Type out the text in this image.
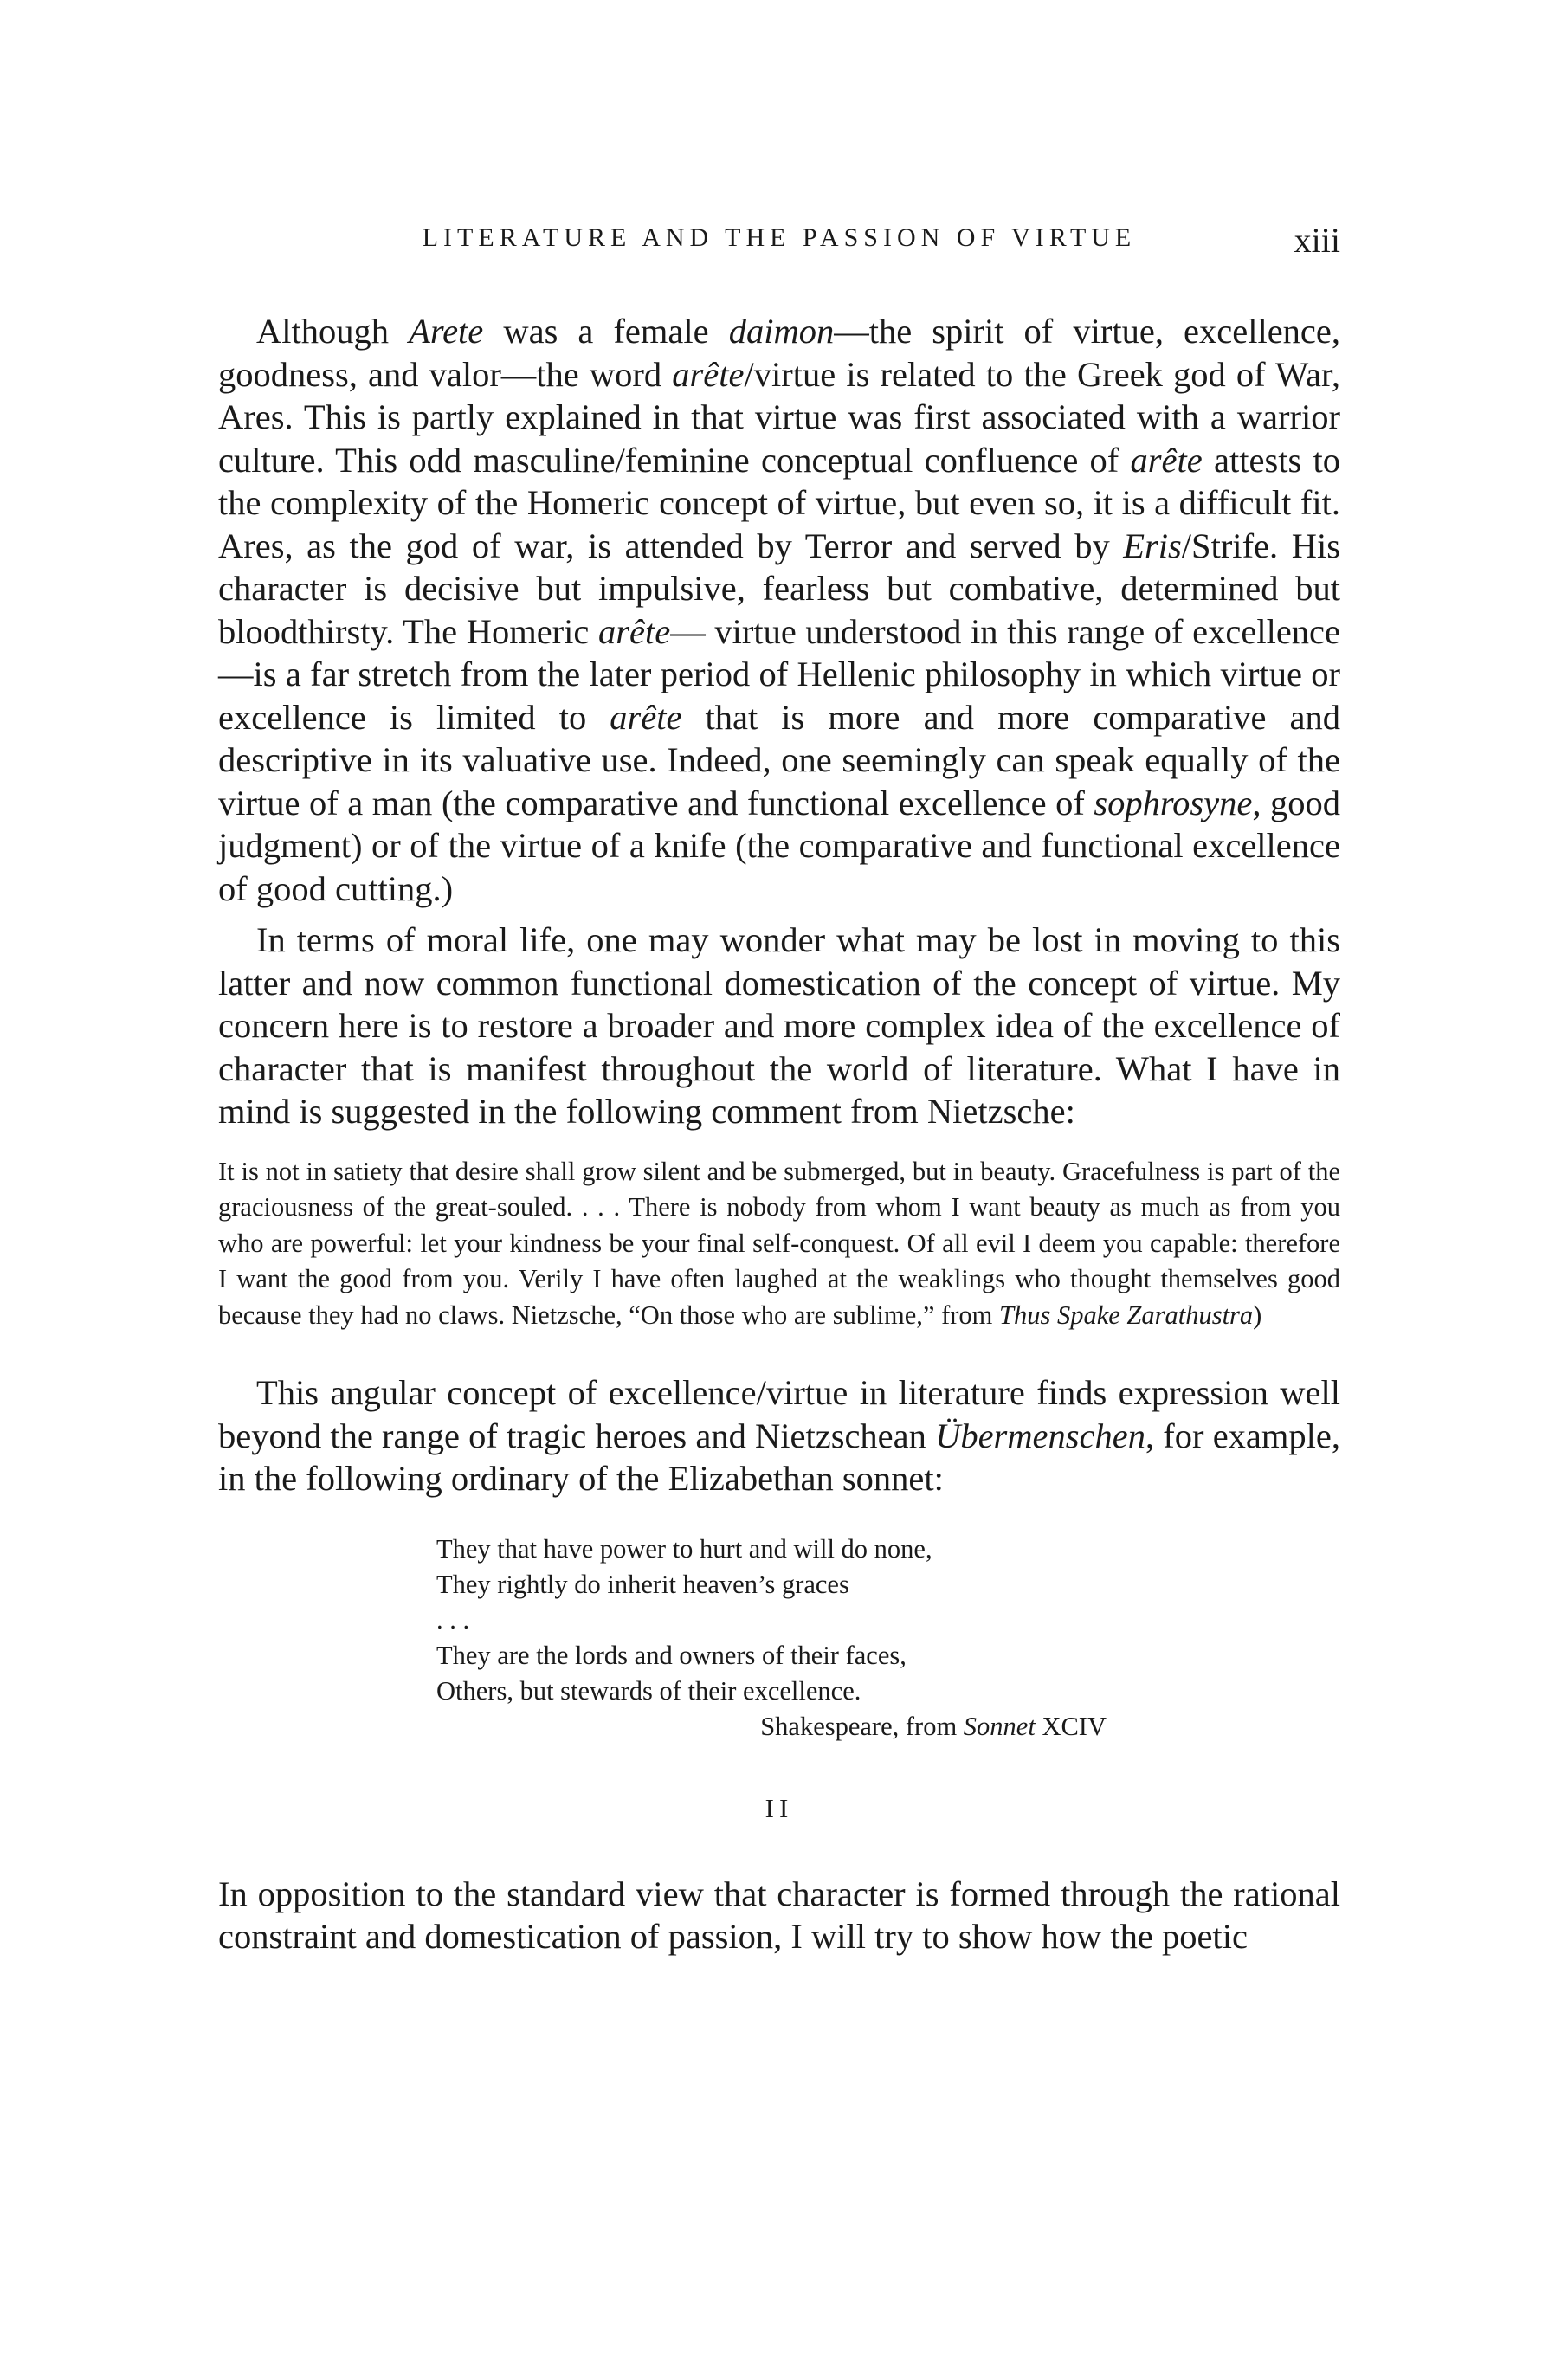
LITERATURE AND THE PASSION OF VIRTUE	xiii

Although Arete was a female daimon—the spirit of virtue, excellence, goodness, and valor—the word arête/virtue is related to the Greek god of War, Ares. This is partly explained in that virtue was first associated with a warrior culture. This odd masculine/feminine conceptual confluence of arête attests to the complexity of the Homeric concept of virtue, but even so, it is a difficult fit. Ares, as the god of war, is attended by Terror and served by Eris/Strife. His character is decisive but impulsive, fearless but combative, determined but bloodthirsty. The Homeric arête— virtue understood in this range of excellence—is a far stretch from the later period of Hellenic philosophy in which virtue or excellence is limited to arête that is more and more comparative and descriptive in its valuative use. Indeed, one seemingly can speak equally of the virtue of a man (the comparative and functional excellence of sophrosyne, good judgment) or of the virtue of a knife (the comparative and functional excellence of good cutting.)

In terms of moral life, one may wonder what may be lost in moving to this latter and now common functional domestication of the concept of virtue. My concern here is to restore a broader and more complex idea of the excellence of character that is manifest throughout the world of literature. What I have in mind is suggested in the following comment from Nietzsche:

It is not in satiety that desire shall grow silent and be submerged, but in beauty. Gracefulness is part of the graciousness of the great-souled. . . . There is nobody from whom I want beauty as much as from you who are powerful: let your kindness be your final self-conquest. Of all evil I deem you capable: therefore I want the good from you. Verily I have often laughed at the weaklings who thought themselves good because they had no claws. Nietzsche, “On those who are sublime,” from Thus Spake Zarathustra)

This angular concept of excellence/virtue in literature finds expression well beyond the range of tragic heroes and Nietzschean Übermenschen, for example, in the following ordinary of the Elizabethan sonnet:

They that have power to hurt and will do none,
They rightly do inherit heaven’s graces
. . .
They are the lords and owners of their faces,
Others, but stewards of their excellence.
Shakespeare, from Sonnet XCIV
II

In opposition to the standard view that character is formed through the rational constraint and domestication of passion, I will try to show how the poetic
